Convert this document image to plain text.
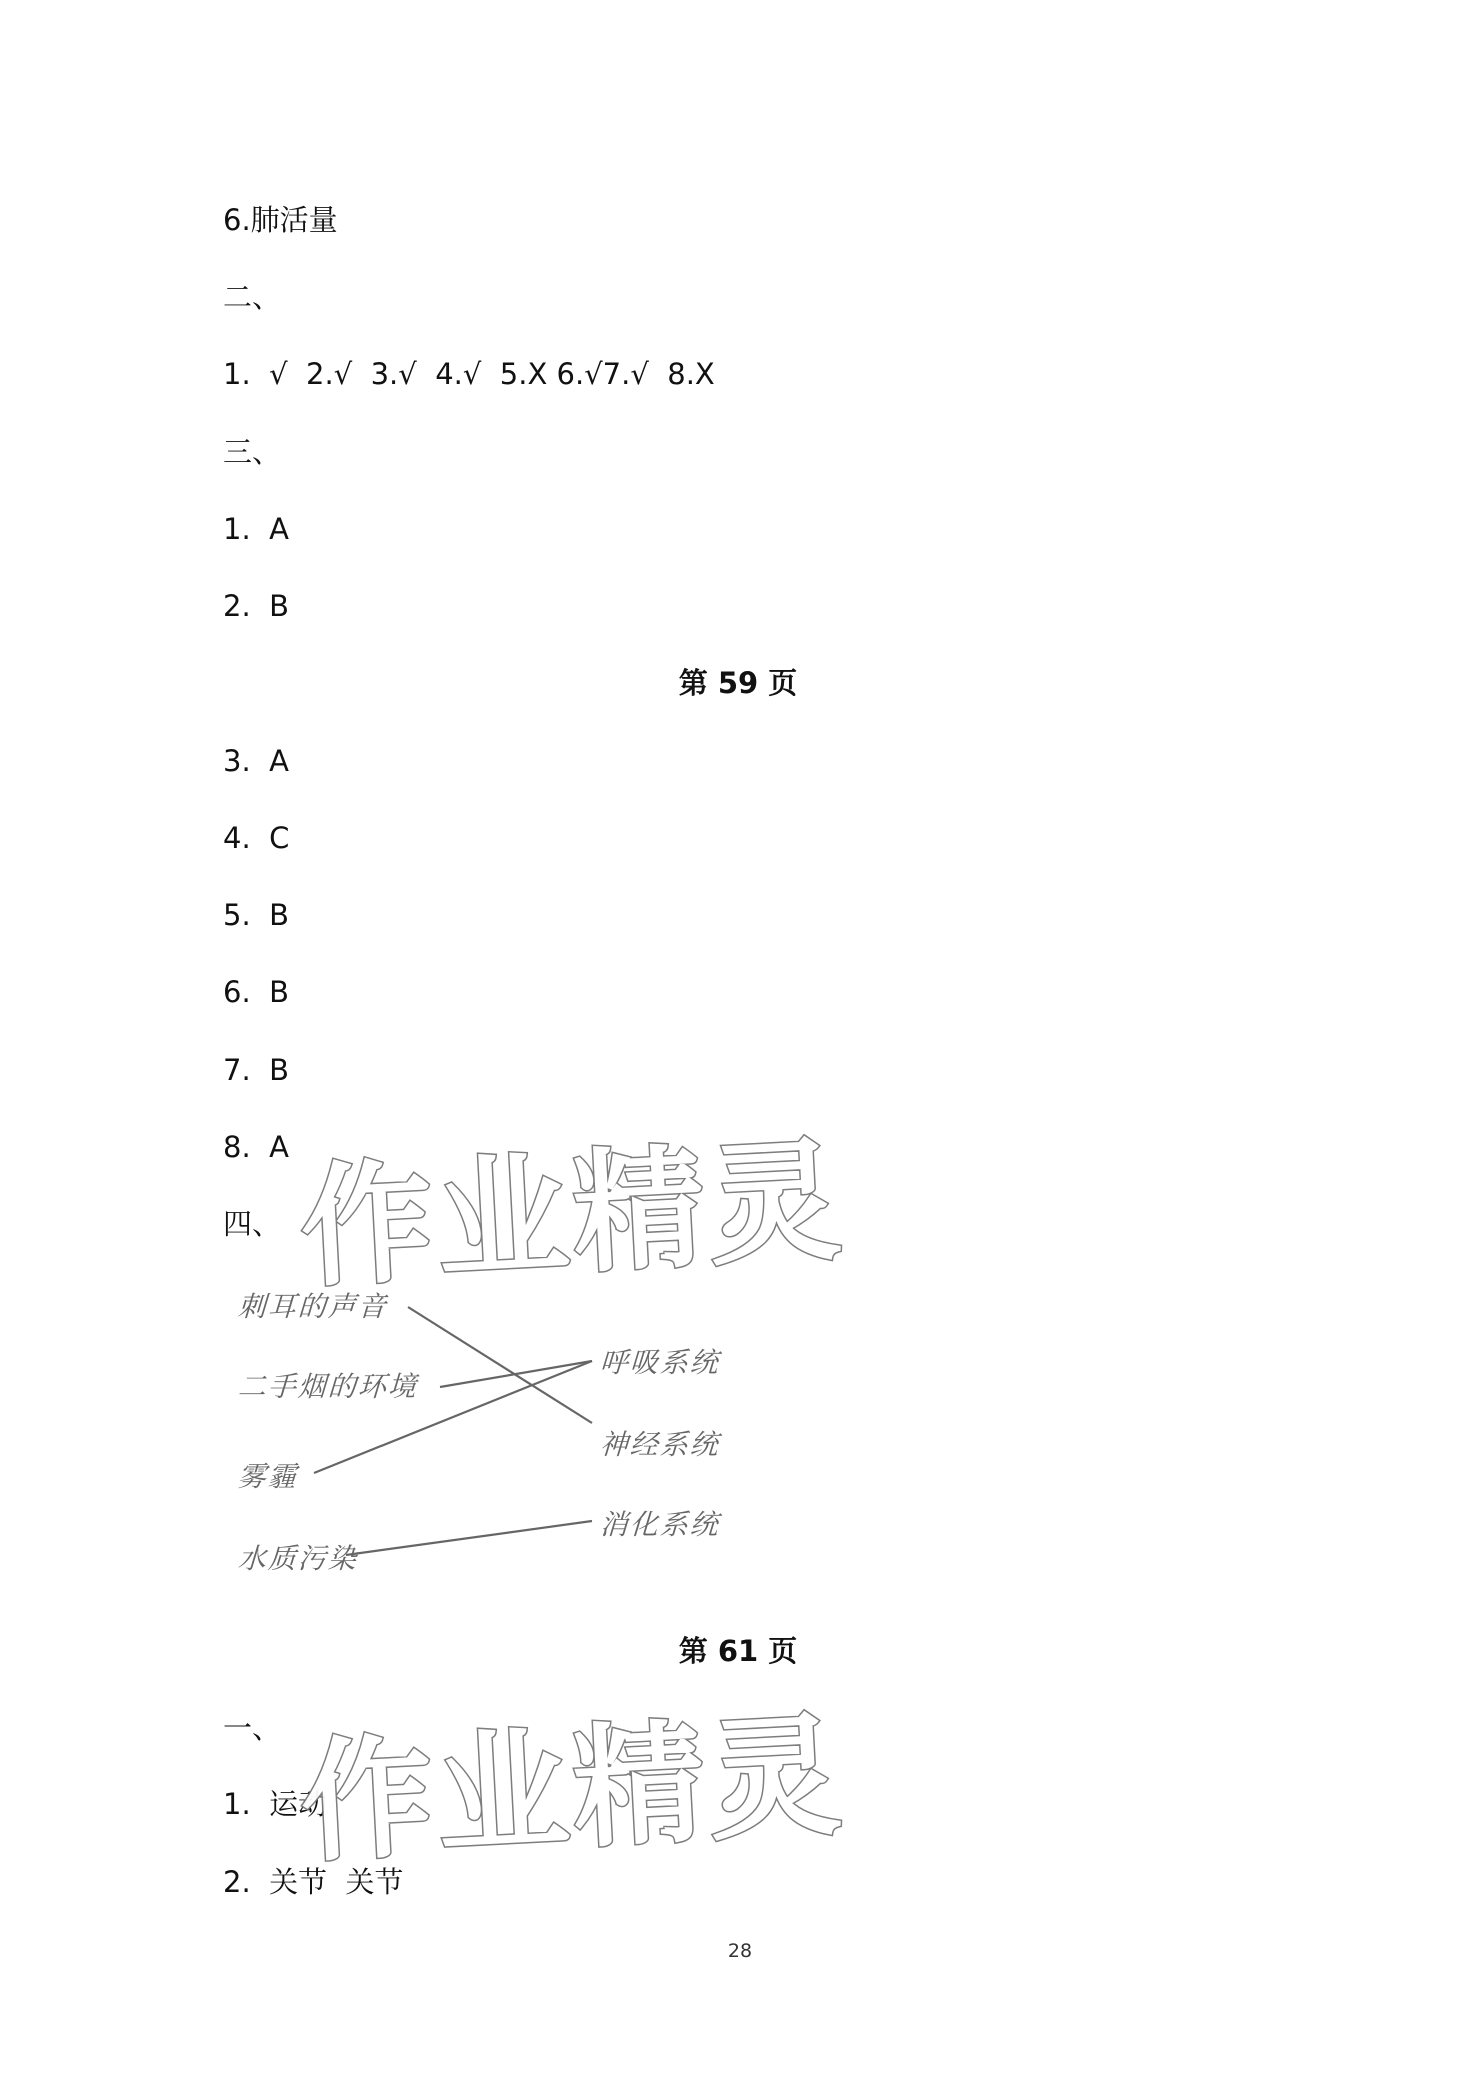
6.肺活量
二、
1.  √  2.√  3.√  4.√  5.X 6.√7.√  8.X
三、
1.  A
2.  B
第 59 页
3.  A
4.  C
5.  B
6.  B
7.  B
8.  A
四、
刺耳的声音
二手烟的环境
雾霾
水质污染
呼吸系统
神经系统
消化系统
第 61 页
一、
1.  运动
2.  关节  关节
作业精灵
作业精灵
28
